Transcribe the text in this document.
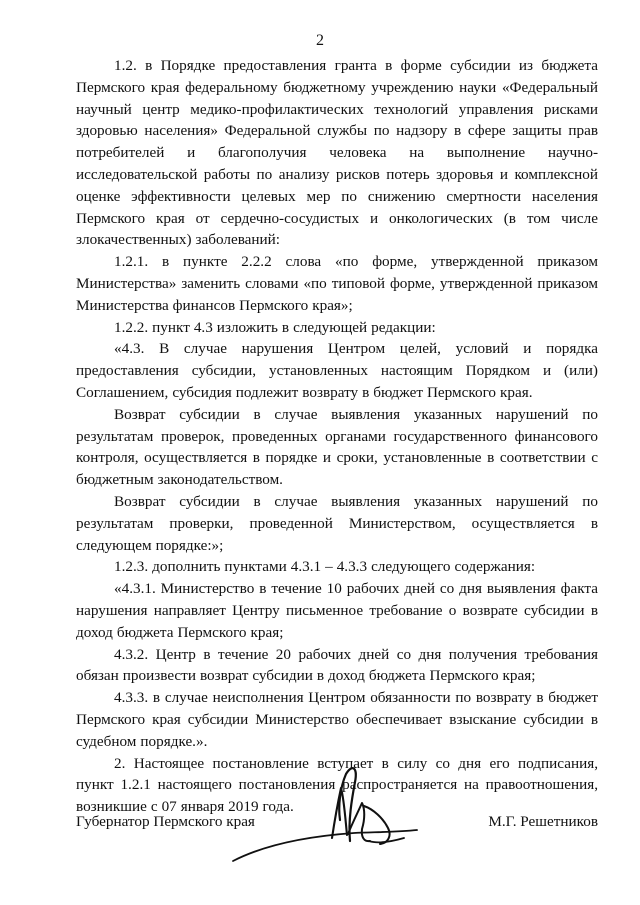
2

1.2. в Порядке предоставления гранта в форме субсидии из бюджета Пермского края федеральному бюджетному учреждению науки «Федеральный научный центр медико-профилактических технологий управления рисками здоровью населения» Федеральной службы по надзору в сфере защиты прав потребителей и благополучия человека на выполнение научно-исследовательской работы по анализу рисков потерь здоровья и комплексной оценке эффективности целевых мер по снижению смертности населения Пермского края от сердечно-сосудистых и онкологических (в том числе злокачественных) заболеваний:

1.2.1. в пункте 2.2.2 слова «по форме, утвержденной приказом Министерства» заменить словами «по типовой форме, утвержденной приказом Министерства финансов Пермского края»;

1.2.2. пункт 4.3 изложить в следующей редакции:

«4.3. В случае нарушения Центром целей, условий и порядка предоставления субсидии, установленных настоящим Порядком и (или) Соглашением, субсидия подлежит возврату в бюджет Пермского края.

Возврат субсидии в случае выявления указанных нарушений по результатам проверок, проведенных органами государственного финансового контроля, осуществляется в порядке и сроки, установленные в соответствии с бюджетным законодательством.

Возврат субсидии в случае выявления указанных нарушений по результатам проверки, проведенной Министерством, осуществляется в следующем порядке:»;

1.2.3. дополнить пунктами 4.3.1 – 4.3.3 следующего содержания:

«4.3.1. Министерство в течение 10 рабочих дней со дня выявления факта нарушения направляет Центру письменное требование о возврате субсидии в доход бюджета Пермского края;

4.3.2. Центр в течение 20 рабочих дней со дня получения требования обязан произвести возврат субсидии в доход бюджета Пермского края;

4.3.3. в случае неисполнения Центром обязанности по возврату в бюджет Пермского края субсидии Министерство обеспечивает взыскание субсидии в судебном порядке.».

2. Настоящее постановление вступает в силу со дня его подписания, пункт 1.2.1 настоящего постановления распространяется на правоотношения, возникшие с 07 января 2019 года.

Губернатор Пермского края	М.Г. Решетников
